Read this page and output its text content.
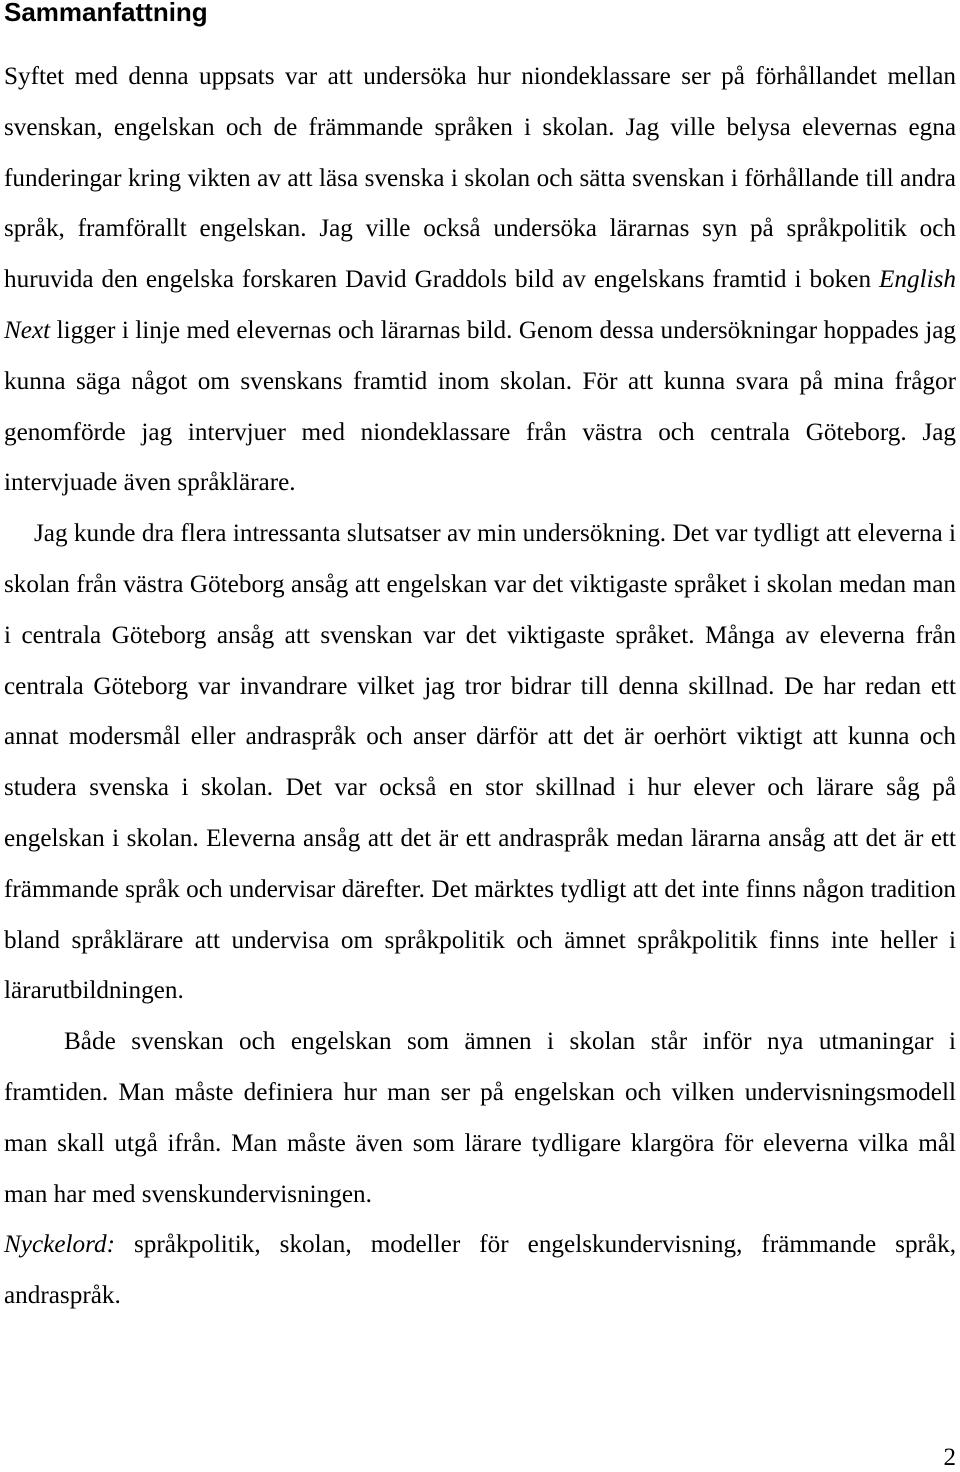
Sammanfattning

Syftet med denna uppsats var att undersöka hur niondeklassare ser på förhållandet mellan svenskan, engelskan och de främmande språken i skolan. Jag ville belysa elevernas egna funderingar kring vikten av att läsa svenska i skolan och sätta svenskan i förhållande till andra språk, framförallt engelskan. Jag ville också undersöka lärarnas syn på språkpolitik och huruvida den engelska forskaren David Graddols bild av engelskans framtid i boken English Next ligger i linje med elevernas och lärarnas bild. Genom dessa undersökningar hoppades jag kunna säga något om svenskans framtid inom skolan. För att kunna svara på mina frågor genomförde jag intervjuer med niondeklassare från västra och centrala Göteborg. Jag intervjuade även språklärare.

Jag kunde dra flera intressanta slutsatser av min undersökning. Det var tydligt att eleverna i skolan från västra Göteborg ansåg att engelskan var det viktigaste språket i skolan medan man i centrala Göteborg ansåg att svenskan var det viktigaste språket. Många av eleverna från centrala Göteborg var invandrare vilket jag tror bidrar till denna skillnad. De har redan ett annat modersmål eller andraspråk och anser därför att det är oerhört viktigt att kunna och studera svenska i skolan. Det var också en stor skillnad i hur elever och lärare såg på engelskan i skolan. Eleverna ansåg att det är ett andraspråk medan lärarna ansåg att det är ett främmande språk och undervisar därefter. Det märktes tydligt att det inte finns någon tradition bland språklärare att undervisa om språkpolitik och ämnet språkpolitik finns inte heller i lärarutbildningen.

Både svenskan och engelskan som ämnen i skolan står inför nya utmaningar i framtiden. Man måste definiera hur man ser på engelskan och vilken undervisningsmodell man skall utgå ifrån. Man måste även som lärare tydligare klargöra för eleverna vilka mål man har med svenskundervisningen.

Nyckelord: språkpolitik, skolan, modeller för engelskundervisning, främmande språk, andraspråk.

2
